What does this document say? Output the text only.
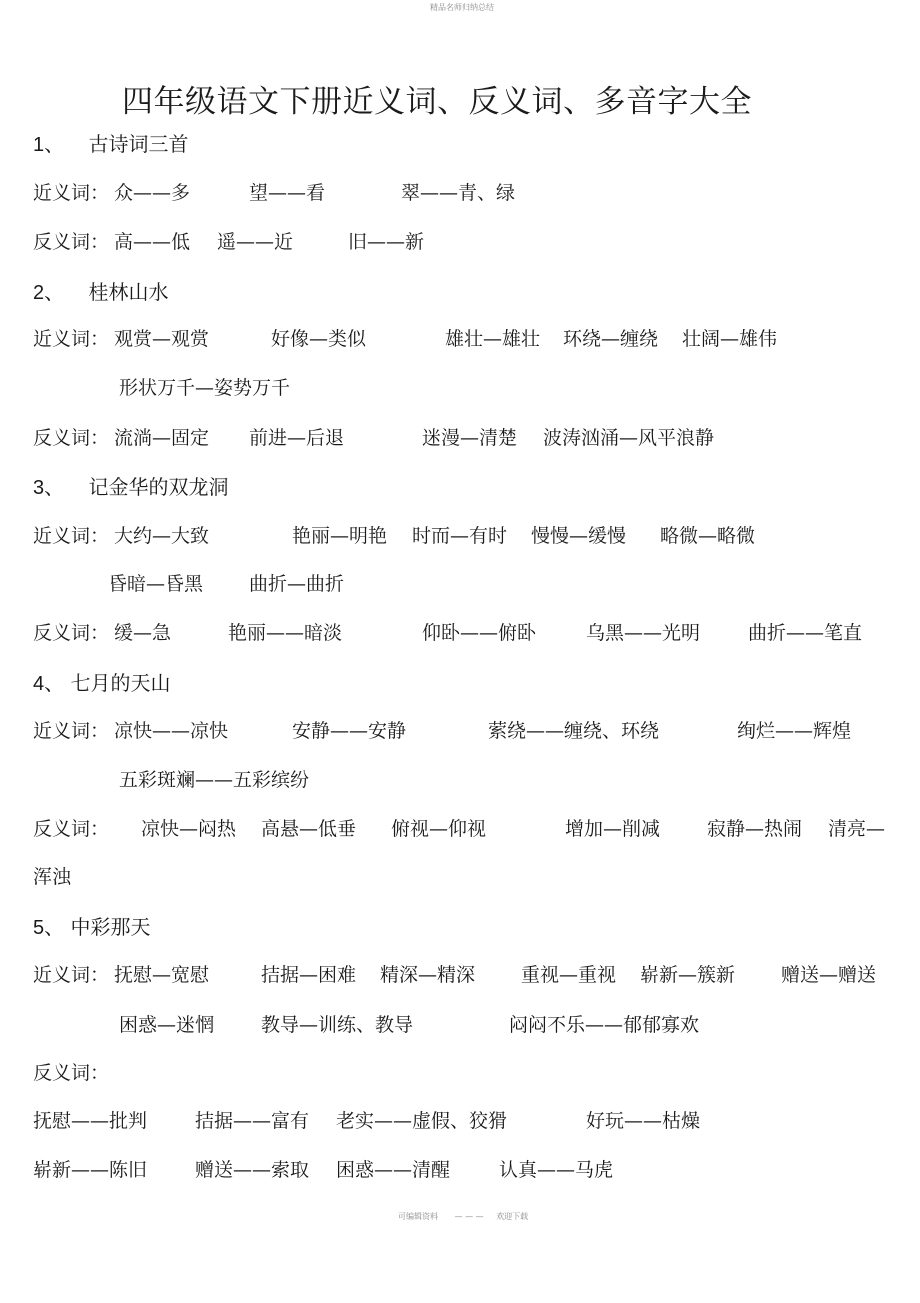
精品名师归纳总结
四年级语文下册近义词、反义词、多音字大全
1、 古诗词三首
近义词： 众——多	望——看	翠——青、绿
反义词： 高——低 遥——近	旧——新
2、 桂林山水
近义词： 观赏—观赏	好像—类似	雄壮—雄壮 环绕—缠绕 壮阔—雄伟
形状万千—姿势万千
反义词： 流淌—固定 前进—后退	迷漫—清楚 波涛汹涌—风平浪静
3、 记金华的双龙洞
近义词： 大约—大致	艳丽—明艳 时而—有时 慢慢—缓慢 略微—略微
昏暗—昏黑 曲折—曲折
反义词： 缓—急	艳丽——暗淡	仰卧——俯卧	乌黑——光明	曲折——笔直
4、 七月的天山
近义词： 凉快——凉快	安静——安静	萦绕——缠绕、环绕	绚烂——辉煌
五彩斑斓——五彩缤纷
反义词： 凉快—闷热 高悬—低垂 俯视—仰视	增加—削减 寂静—热闹 清亮—
浑浊
5、 中彩那天
近义词： 抚慰—宽慰	拮据—困难 精深—精深 重视—重视 崭新—簇新 赠送—赠送
困惑—迷惘 教导—训练、教导	闷闷不乐——郁郁寡欢
反义词：
抚慰——批判	拮据——富有 老实——虚假、狡猾	好玩——枯燥
崭新——陈旧	赠送——索取 困惑——清醒	认真——马虎
可编辑资料 — — — 欢迎下载
